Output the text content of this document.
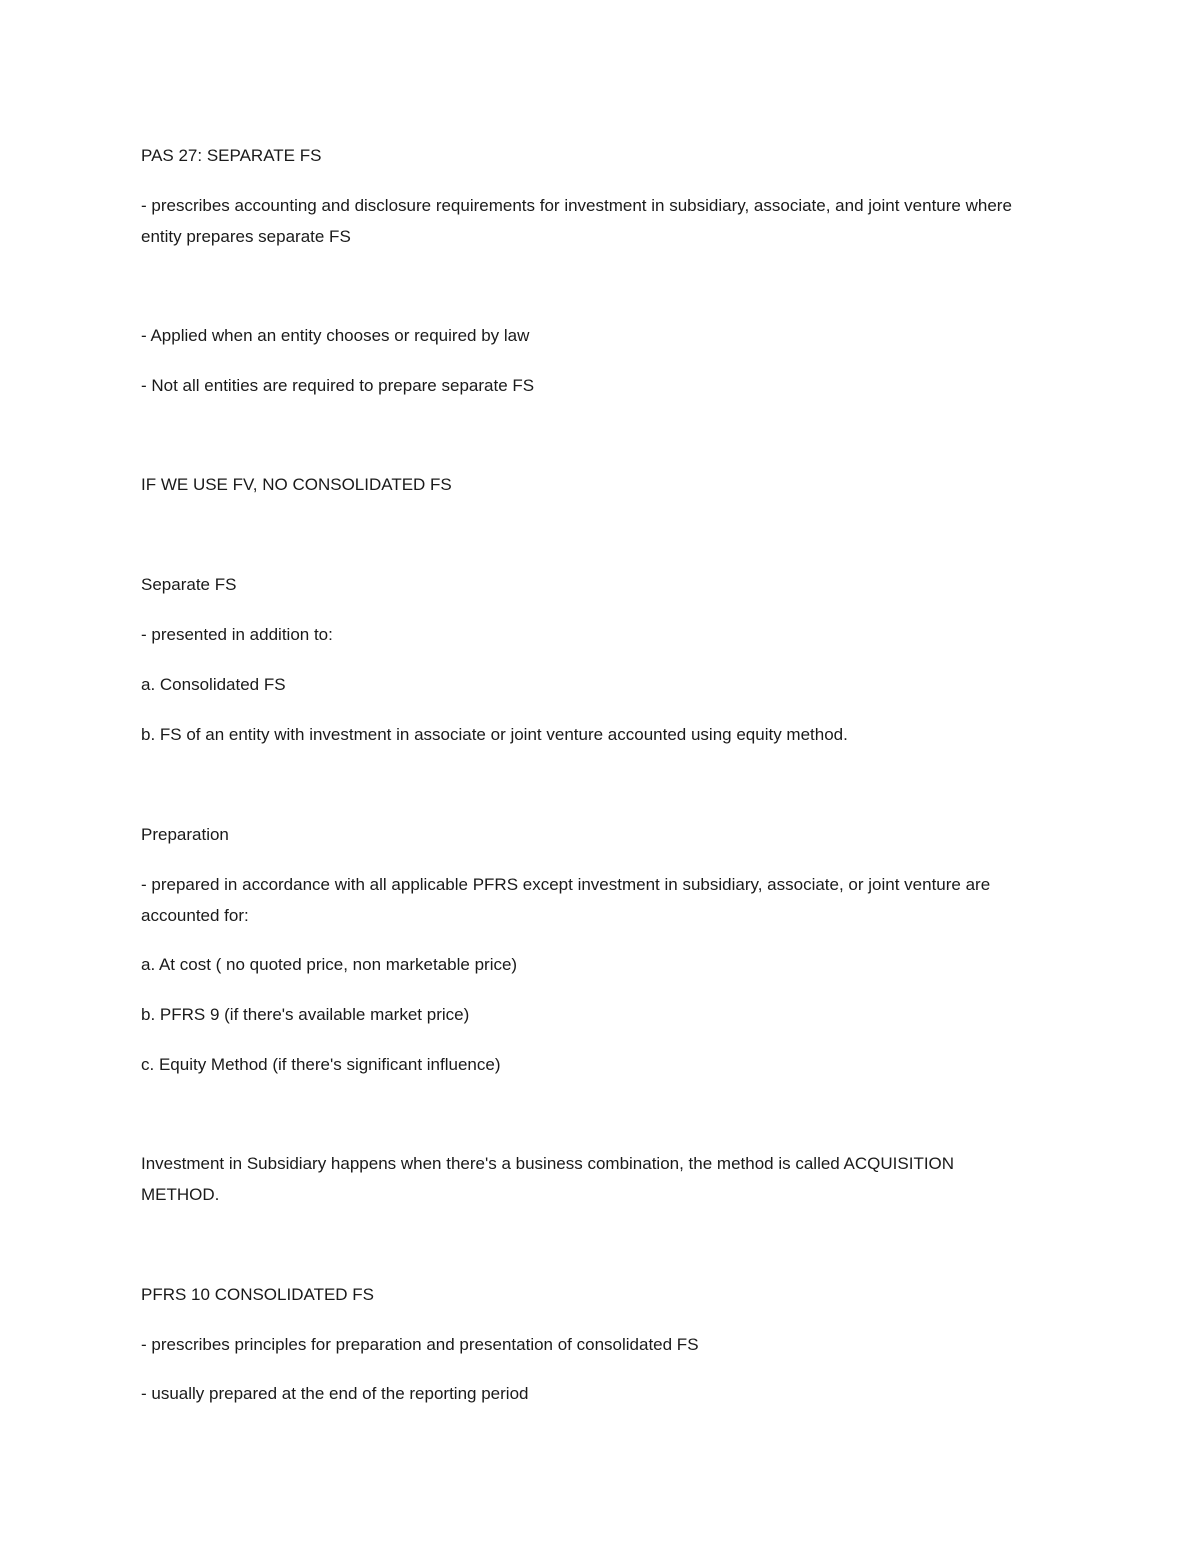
PAS 27: SEPARATE FS

- prescribes accounting and disclosure requirements for investment in subsidiary, associate, and joint venture where entity prepares separate FS

- Applied when an entity chooses or required by law

- Not all entities are required to prepare separate FS

IF WE USE FV, NO CONSOLIDATED FS

Separate FS

- presented in addition to:

a. Consolidated FS

b. FS of an entity with investment in associate or joint venture accounted using equity method.

Preparation

- prepared in accordance with all applicable PFRS except investment in subsidiary, associate, or joint venture are accounted for:

a. At cost ( no quoted price, non marketable price)

b. PFRS 9 (if there's available market price)

c. Equity Method (if there's significant influence)

Investment in Subsidiary happens when there's a business combination, the method is called ACQUISITION METHOD.

PFRS 10 CONSOLIDATED FS

- prescribes principles for preparation and presentation of consolidated FS

- usually prepared at the end of the reporting period
